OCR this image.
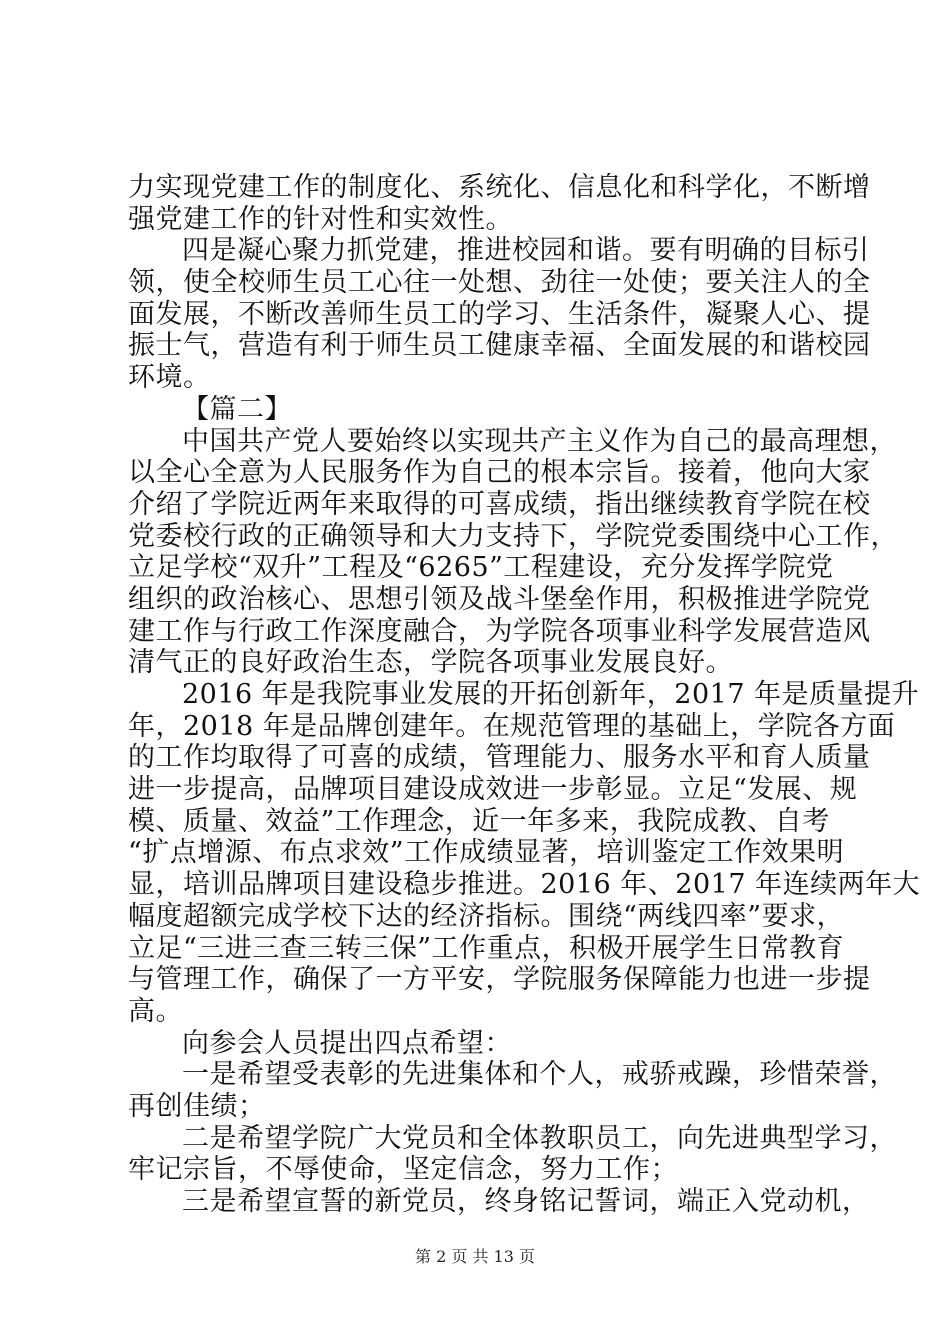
力实现党建工作的制度化、系统化、信息化和科学化，不断增
强党建工作的针对性和实效性。
四是凝心聚力抓党建，推进校园和谐。要有明确的目标引
领，使全校师生员工心往一处想、劲往一处使；要关注人的全
面发展，不断改善师生员工的学习、生活条件，凝聚人心、提
振士气，营造有利于师生员工健康幸福、全面发展的和谐校园
环境。
【篇二】
中国共产党人要始终以实现共产主义作为自己的最高理想，
以全心全意为人民服务作为自己的根本宗旨。接着，他向大家
介绍了学院近两年来取得的可喜成绩，指出继续教育学院在校
党委校行政的正确领导和大力支持下，学院党委围绕中心工作，
立足学校“双升”工程及“6265”工程建设，充分发挥学院党
组织的政治核心、思想引领及战斗堡垒作用，积极推进学院党
建工作与行政工作深度融合，为学院各项事业科学发展营造风
清气正的良好政治生态，学院各项事业发展良好。
2016 年是我院事业发展的开拓创新年，2017 年是质量提升
年，2018 年是品牌创建年。在规范管理的基础上，学院各方面
的工作均取得了可喜的成绩，管理能力、服务水平和育人质量
进一步提高，品牌项目建设成效进一步彰显。立足“发展、规
模、质量、效益”工作理念，近一年多来，我院成教、自考
“扩点增源、布点求效”工作成绩显著，培训鉴定工作效果明
显，培训品牌项目建设稳步推进。2016 年、2017 年连续两年大
幅度超额完成学校下达的经济指标。围绕“两线四率”要求，
立足“三进三查三转三保”工作重点，积极开展学生日常教育
与管理工作，确保了一方平安，学院服务保障能力也进一步提
高。
向参会人员提出四点希望：
一是希望受表彰的先进集体和个人，戒骄戒躁，珍惜荣誉，
再创佳绩；
二是希望学院广大党员和全体教职员工，向先进典型学习，
牢记宗旨，不辱使命，坚定信念，努力工作；
三是希望宣誓的新党员，终身铭记誓词，端正入党动机，
第 2 页 共 13 页
